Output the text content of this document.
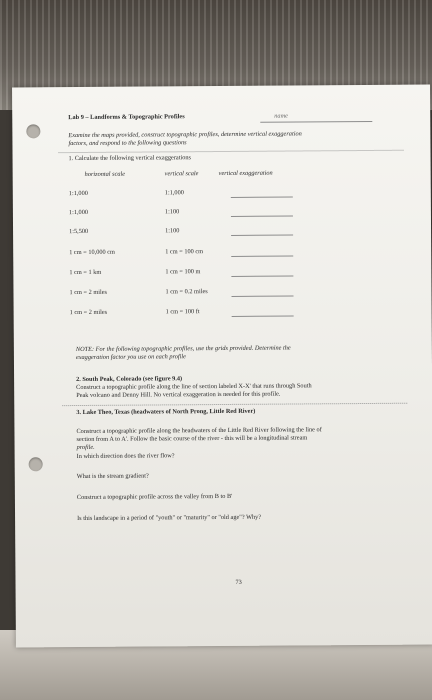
Lab 9 – Landforms & Topographic Profiles	name
Examine the maps provided, construct topographic profiles, determine vertical exaggeration
factors, and respond to the following questions
1. Calculate the following vertical exaggerations
horizontal scale	vertical scale	vertical exaggeration
1:1,000	1:1,000
1:1,000	1:100
1:5,500	1:100
1 cm = 10,000 cm	1 cm = 100 cm
1 cm = 1 km	1 cm = 100 m
1 cm = 2 miles	1 cm = 0.2 miles
1 cm = 2 miles	1 cm = 100 ft
NOTE: For the following topographic profiles, use the grids provided. Determine the
exaggeration factor you use on each profile
2. South Peak, Colorado (see figure 9.4)
Construct a topographic profile along the line of section labeled X-X' that runs through South
Peak volcano and Denny Hill. No vertical exaggeration is needed for this profile.
3. Lake Theo, Texas (headwaters of North Prong, Little Red River)
Construct a topographic profile along the headwaters of the Little Red River following the line of
section from A to A'. Follow the basic course of the river - this will be a longitudinal stream
profile.
In which direction does the river flow?
What is the stream gradient?
Construct a topographic profile across the valley from B to B'
Is this landscape in a period of "youth" or "maturity" or "old age"? Why?
73
